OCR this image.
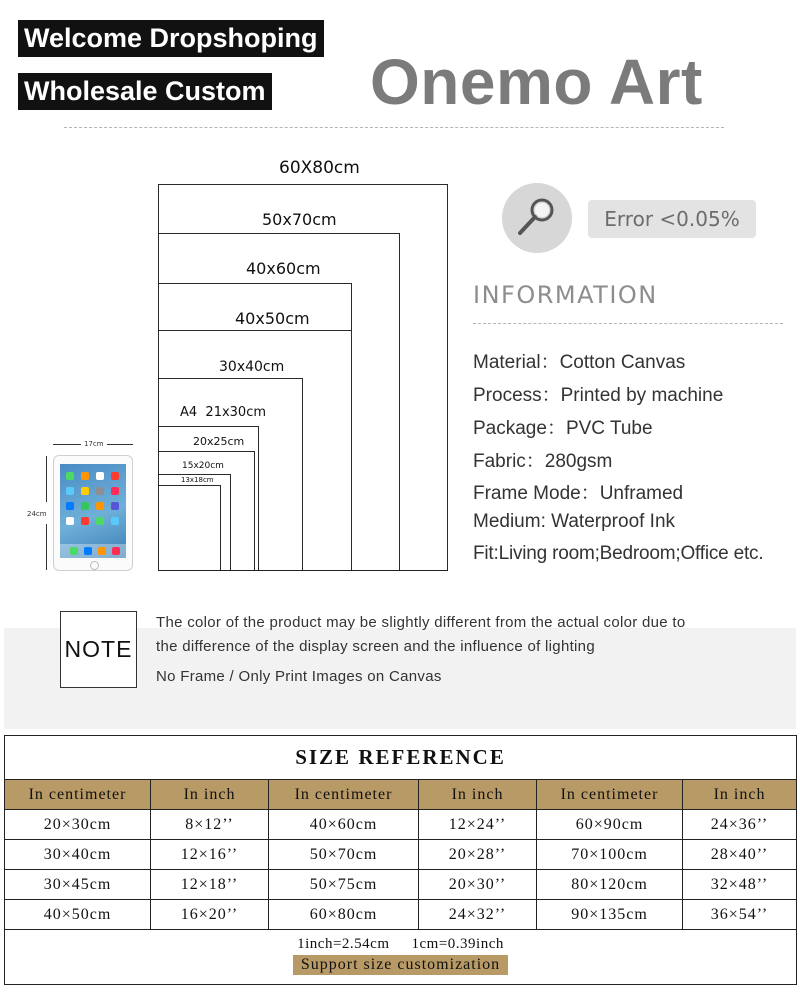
Welcome Dropshoping
Wholesale Custom Onemo Art
60X80cm
50x70cm
40x60cm
40x50cm
30x40cm
A4  21x30cm
20x25cm
15x20cm
13x18cm
17cm
24cm
Error <0.05%
INFORMATION
Material：Cotton Canvas
Process：Printed by machine
Package：PVC Tube
Fabric：280gsm
Frame Mode：Unframed
Medium: Waterproof Ink
Fit:Living room;Bedroom;Office etc.
NOTE
The color of the product may be slightly different from the actual color due to
the difference of the display screen and the influence of lighting
No Frame / Only Print Images on Canvas
SIZE REFERENCE					
In centimeter	In inch	In centimeter	In inch	In centimeter	In inch
20×30cm	8×12’’	40×60cm	12×24’’	60×90cm	24×36’’
30×40cm	12×16’’	50×70cm	20×28’’	70×100cm	28×40’’
30×45cm	12×18’’	50×75cm	20×30’’	80×120cm	32×48’’
40×50cm	16×20’’	60×80cm	24×32’’	90×135cm	36×54’’

1inch=2.54cm 1cm=0.39inch
Support size customization					
